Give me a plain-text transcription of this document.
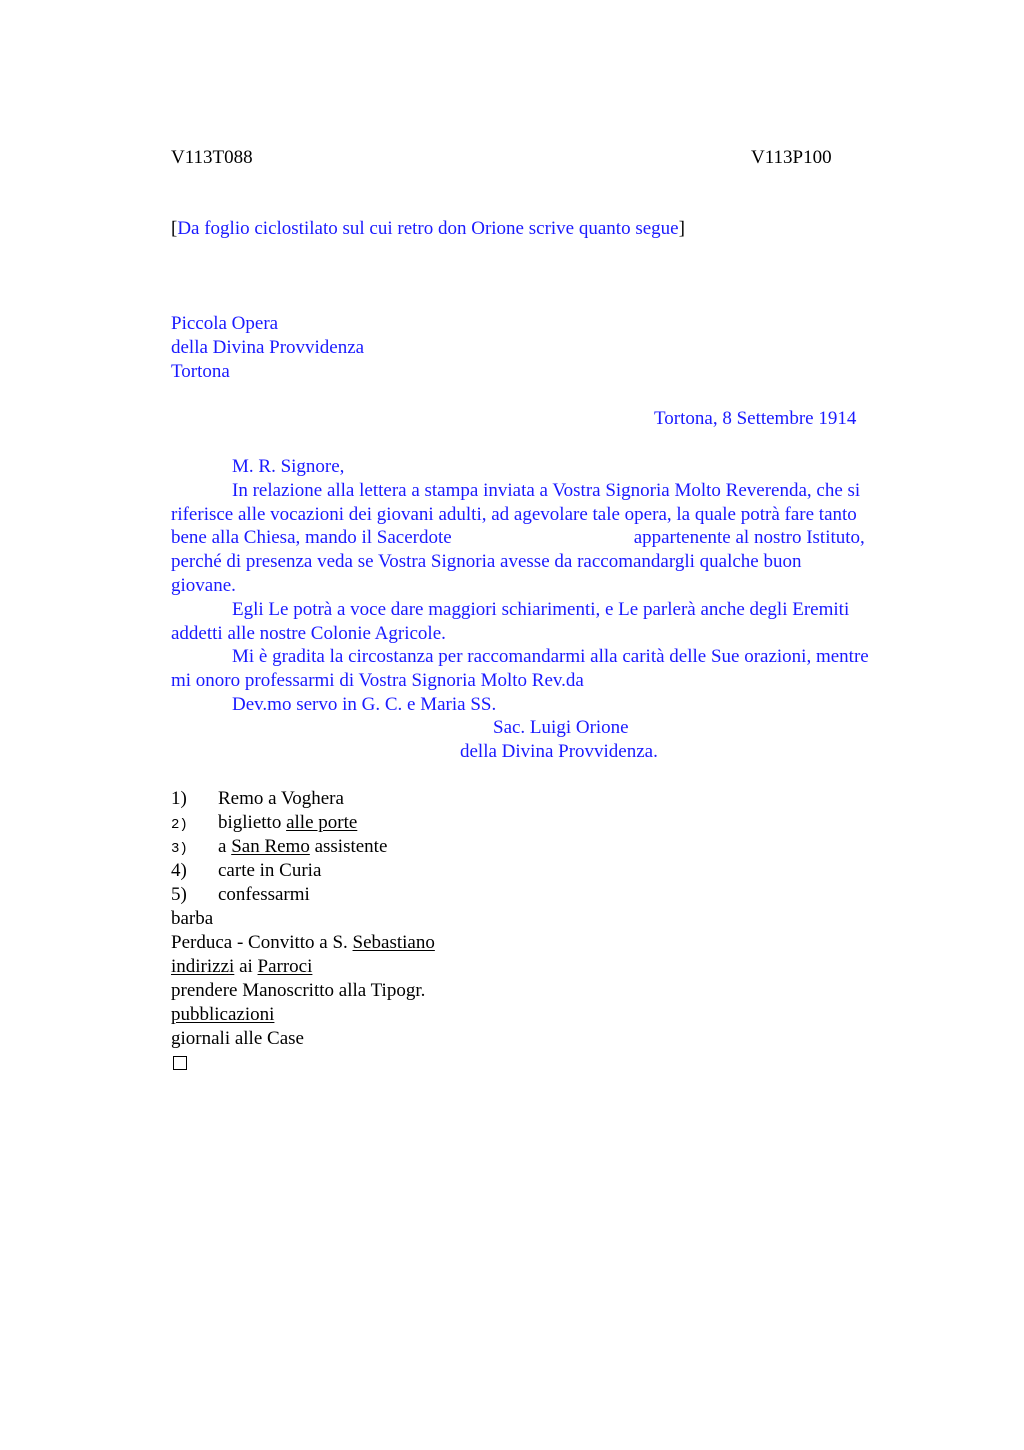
V113T088	V113P100
[Da foglio ciclostilato sul cui retro don Orione scrive quanto segue]
Piccola Opera
della Divina Provvidenza
Tortona
Tortona, 8 Settembre 1914
M. R. Signore,
In relazione alla lettera a stampa inviata a Vostra Signoria Molto Reverenda, che si
riferisce alle vocazioni dei giovani adulti, ad agevolare tale opera, la quale potrà fare tanto
bene alla Chiesa, mando il Sacerdote	appartenente al nostro Istituto,
perché di presenza veda se Vostra Signoria avesse da raccomandargli qualche buon
giovane.
Egli Le potrà a voce dare maggiori schiarimenti, e Le parlerà anche degli Eremiti
addetti alle nostre Colonie Agricole.
Mi è gradita la circostanza per raccomandarmi alla carità delle Sue orazioni, mentre
mi onoro professarmi di Vostra Signoria Molto Rev.da
Dev.mo servo in G. C. e Maria SS.
Sac. Luigi Orione
della Divina Provvidenza.
1) Remo a Voghera
2) biglietto alle porte
3) a San Remo assistente
4) carte in Curia
5) confessarmi
barba
Perduca - Convitto a S. Sebastiano
indirizzi ai Parroci
prendere Manoscritto alla Tipogr.
pubblicazioni
giornali alle Case
